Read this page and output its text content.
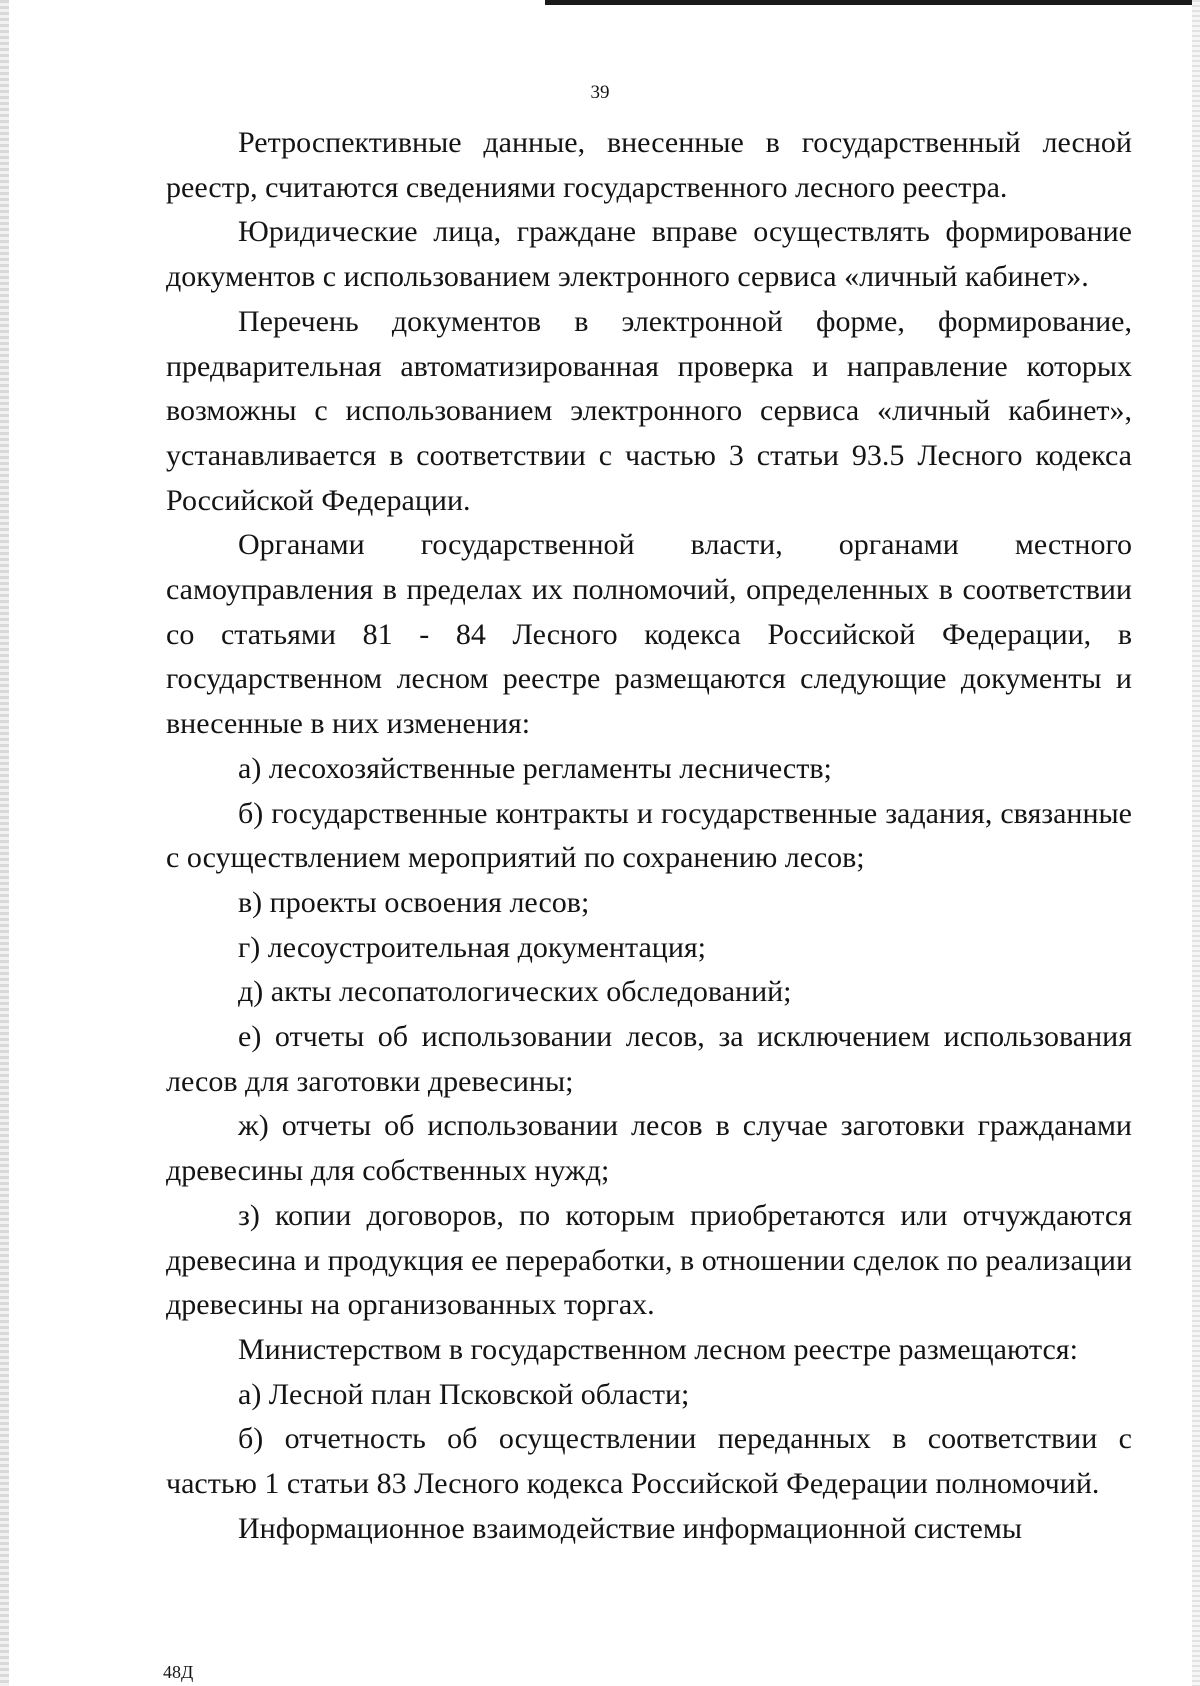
39

Ретроспективные данные, внесенные в государственный лесной реестр, считаются сведениями государственного лесного реестра.

Юридические лица, граждане вправе осуществлять формирование документов с использованием электронного сервиса «личный кабинет».

Перечень документов в электронной форме, формирование, предварительная автоматизированная проверка и направление которых возможны с использованием электронного сервиса «личный кабинет», устанавливается в соответствии с частью 3 статьи 93.5 Лесного кодекса Российской Федерации.

Органами государственной власти, органами местного самоуправления в пределах их полномочий, определенных в соответствии со статьями 81 - 84 Лесного кодекса Российской Федерации, в государственном лесном реестре размещаются следующие документы и внесенные в них изменения:

а) лесохозяйственные регламенты лесничеств;

б) государственные контракты и государственные задания, связанные с осуществлением мероприятий по сохранению лесов;

в) проекты освоения лесов;

г) лесоустроительная документация;

д) акты лесопатологических обследований;

е) отчеты об использовании лесов, за исключением использования лесов для заготовки древесины;

ж) отчеты об использовании лесов в случае заготовки гражданами древесины для собственных нужд;

з) копии договоров, по которым приобретаются или отчуждаются древесина и продукция ее переработки, в отношении сделок по реализации древесины на организованных торгах.

Министерством в государственном лесном реестре размещаются:

а) Лесной план Псковской области;

б) отчетность об осуществлении переданных в соответствии с частью 1 статьи 83 Лесного кодекса Российской Федерации полномочий.

Информационное взаимодействие информационной системы

48Д
